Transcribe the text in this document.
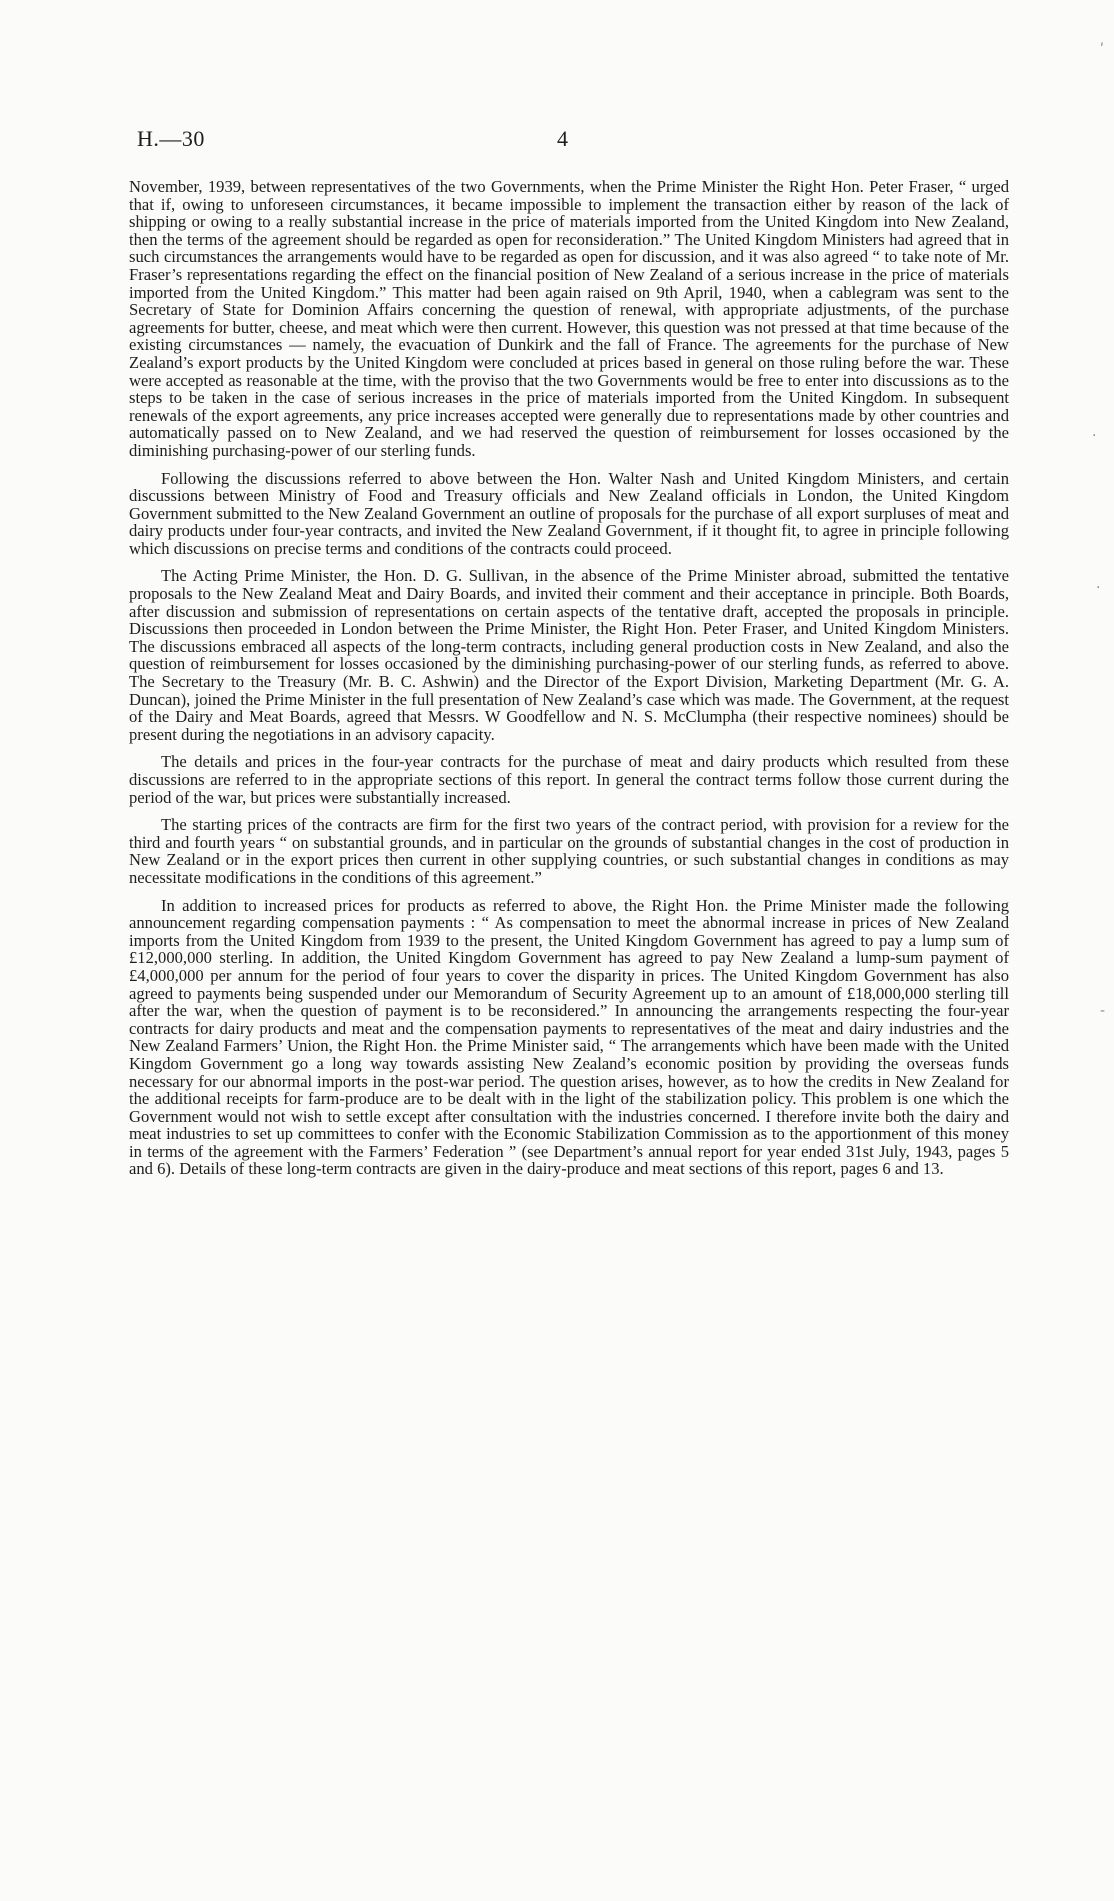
H.—30	4

November, 1939, between representatives of the two Governments, when the Prime Minister the Right Hon. Peter Fraser, “ urged that if, owing to unforeseen circumstances, it became impossible to implement the transaction either by reason of the lack of shipping or owing to a really substantial increase in the price of materials imported from the United Kingdom into New Zealand, then the terms of the agreement should be regarded as open for reconsideration.” The United Kingdom Ministers had agreed that in such circumstances the arrangements would have to be regarded as open for discussion, and it was also agreed “ to take note of Mr. Fraser’s representations regarding the effect on the financial position of New Zealand of a serious increase in the price of materials imported from the United Kingdom.” This matter had been again raised on 9th April, 1940, when a cablegram was sent to the Secretary of State for Dominion Affairs concerning the question of renewal, with appropriate adjustments, of the purchase agreements for butter, cheese, and meat which were then current. However, this question was not pressed at that time because of the existing circumstances — namely, the evacuation of Dunkirk and the fall of France. The agreements for the purchase of New Zealand’s export products by the United Kingdom were concluded at prices based in general on those ruling before the war. These were accepted as reasonable at the time, with the proviso that the two Governments would be free to enter into discussions as to the steps to be taken in the case of serious increases in the price of materials imported from the United Kingdom. In subsequent renewals of the export agreements, any price increases accepted were generally due to representations made by other countries and automatically passed on to New Zealand, and we had reserved the question of reimbursement for losses occasioned by the diminishing purchasing-power of our sterling funds.

Following the discussions referred to above between the Hon. Walter Nash and United Kingdom Ministers, and certain discussions between Ministry of Food and Treasury officials and New Zealand officials in London, the United Kingdom Government submitted to the New Zealand Government an outline of proposals for the purchase of all export surpluses of meat and dairy products under four-year contracts, and invited the New Zealand Government, if it thought fit, to agree in principle following which discussions on precise terms and conditions of the contracts could proceed.

The Acting Prime Minister, the Hon. D. G. Sullivan, in the absence of the Prime Minister abroad, submitted the tentative proposals to the New Zealand Meat and Dairy Boards, and invited their comment and their acceptance in principle. Both Boards, after discussion and submission of representations on certain aspects of the tentative draft, accepted the proposals in principle. Discussions then proceeded in London between the Prime Minister, the Right Hon. Peter Fraser, and United Kingdom Ministers. The discussions embraced all aspects of the long-term contracts, including general production costs in New Zealand, and also the question of reimbursement for losses occasioned by the diminishing purchasing-power of our sterling funds, as referred to above. The Secretary to the Treasury (Mr. B. C. Ashwin) and the Director of the Export Division, Marketing Department (Mr. G. A. Duncan), joined the Prime Minister in the full presentation of New Zealand’s case which was made. The Government, at the request of the Dairy and Meat Boards, agreed that Messrs. W Goodfellow and N. S. McClumpha (their respective nominees) should be present during the negotiations in an advisory capacity.

The details and prices in the four-year contracts for the purchase of meat and dairy products which resulted from these discussions are referred to in the appropriate sections of this report. In general the contract terms follow those current during the period of the war, but prices were substantially increased.

The starting prices of the contracts are firm for the first two years of the contract period, with provision for a review for the third and fourth years “ on substantial grounds, and in particular on the grounds of substantial changes in the cost of production in New Zealand or in the export prices then current in other supplying countries, or such substantial changes in conditions as may necessitate modifications in the conditions of this agreement.”

In addition to increased prices for products as referred to above, the Right Hon. the Prime Minister made the following announcement regarding compensation payments : “ As compensation to meet the abnormal increase in prices of New Zealand imports from the United Kingdom from 1939 to the present, the United Kingdom Government has agreed to pay a lump sum of £12,000,000 sterling. In addition, the United Kingdom Government has agreed to pay New Zealand a lump-sum payment of £4,000,000 per annum for the period of four years to cover the disparity in prices. The United Kingdom Government has also agreed to payments being suspended under our Memorandum of Security Agreement up to an amount of £18,000,000 sterling till after the war, when the question of payment is to be reconsidered.” In announcing the arrangements respecting the four-year contracts for dairy products and meat and the compensation payments to representatives of the meat and dairy industries and the New Zealand Farmers’ Union, the Right Hon. the Prime Minister said, “ The arrangements which have been made with the United Kingdom Government go a long way towards assisting New Zealand’s economic position by providing the overseas funds necessary for our abnormal imports in the post-war period. The question arises, however, as to how the credits in New Zealand for the additional receipts for farm-produce are to be dealt with in the light of the stabilization policy. This problem is one which the Government would not wish to settle except after consultation with the industries concerned. I therefore invite both the dairy and meat industries to set up committees to confer with the Economic Stabilization Commission as to the apportionment of this money in terms of the agreement with the Farmers’ Federation ” (see Department’s annual report for year ended 31st July, 1943, pages 5 and 6). Details of these long-term contracts are given in the dairy-produce and meat sections of this report, pages 6 and 13.

ʹ
·
·
-
